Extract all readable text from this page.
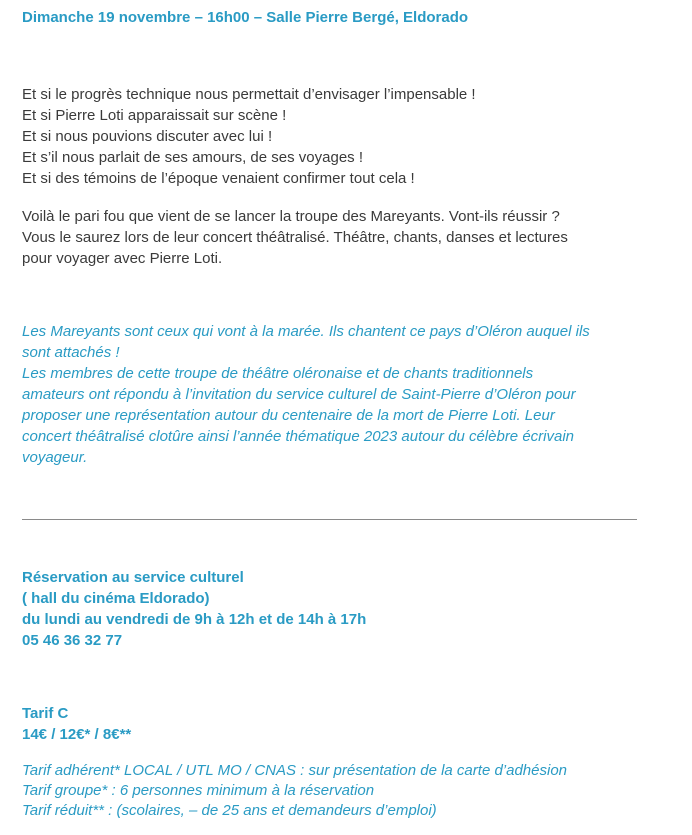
Dimanche 19 novembre – 16h00 – Salle Pierre Bergé, Eldorado
Et si le progrès technique nous permettait d’envisager l’impensable !
Et si Pierre Loti apparaissait sur scène !
Et si nous pouvions discuter avec lui !
Et s’il nous parlait de ses amours, de ses voyages !
Et si des témoins de l’époque venaient confirmer tout cela !
Voilà le pari fou que vient de se lancer la troupe des Mareyants. Vont-ils réussir ?
Vous le saurez lors de leur concert théâtralisé. Théâtre, chants, danses et lectures
pour voyager avec Pierre Loti.
Les Mareyants sont ceux qui vont à la marée. Ils chantent ce pays d’Oléron auquel ils
sont attachés !
Les membres de cette troupe de théâtre oléronaise et de chants traditionnels
amateurs ont répondu à l’invitation du service culturel de Saint-Pierre d’Oléron pour
proposer une représentation autour du centenaire de la mort de Pierre Loti. Leur
concert théâtralisé clotûre ainsi l’année thématique 2023 autour du célèbre écrivain
voyageur.
Réservation au service culturel
( hall du cinéma Eldorado)
du lundi au vendredi de 9h à 12h et de 14h à 17h
05 46 36 32 77
Tarif C
14€ / 12€* / 8€**
Tarif adhérent* LOCAL / UTL MO / CNAS : sur présentation de la carte d’adhésion
Tarif groupe* : 6 personnes minimum à la réservation
Tarif réduit** : (scolaires, – de 25 ans et demandeurs d’emploi)
